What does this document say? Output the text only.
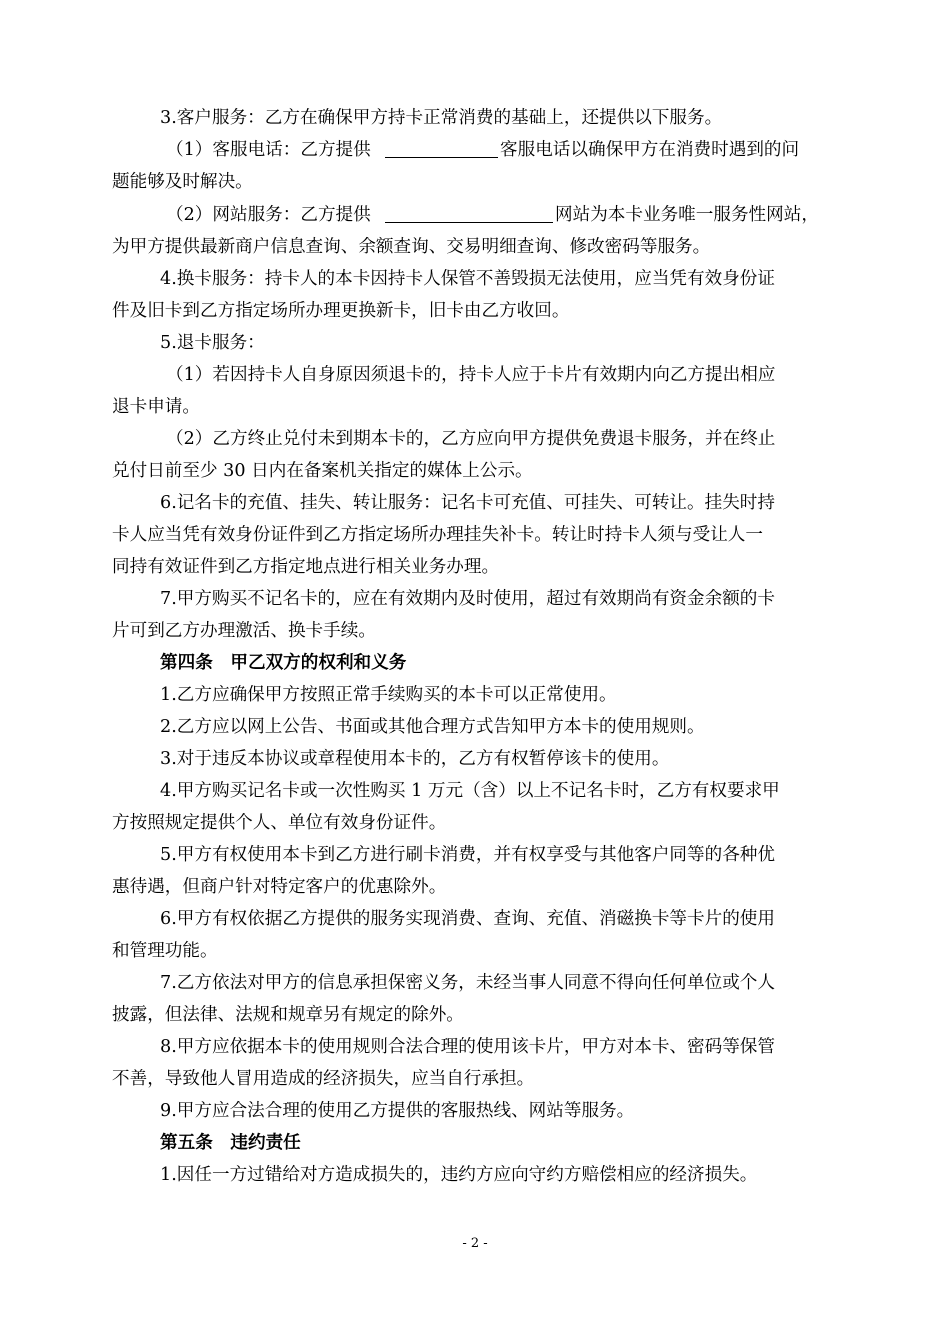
3.客户服务：乙方在确保甲方持卡正常消费的基础上，还提供以下服务。
（1）客服电话：乙方提供	客服电话以确保甲方在消费时遇到的问
题能够及时解决。
（2）网站服务：乙方提供	网站为本卡业务唯一服务性网站，
为甲方提供最新商户信息查询、余额查询、交易明细查询、修改密码等服务。
4.换卡服务：持卡人的本卡因持卡人保管不善毁损无法使用，应当凭有效身份证
件及旧卡到乙方指定场所办理更换新卡，旧卡由乙方收回。
5.退卡服务：
（1）若因持卡人自身原因须退卡的，持卡人应于卡片有效期内向乙方提出相应
退卡申请。
（2）乙方终止兑付未到期本卡的，乙方应向甲方提供免费退卡服务，并在终止
兑付日前至少 30 日内在备案机关指定的媒体上公示。
6.记名卡的充值、挂失、转让服务：记名卡可充值、可挂失、可转让。挂失时持
卡人应当凭有效身份证件到乙方指定场所办理挂失补卡。转让时持卡人须与受让人一
同持有效证件到乙方指定地点进行相关业务办理。
7.甲方购买不记名卡的，应在有效期内及时使用，超过有效期尚有资金余额的卡
片可到乙方办理激活、换卡手续。
第四条　甲乙双方的权利和义务
1.乙方应确保甲方按照正常手续购买的本卡可以正常使用。
2.乙方应以网上公告、书面或其他合理方式告知甲方本卡的使用规则。
3.对于违反本协议或章程使用本卡的，乙方有权暂停该卡的使用。
4.甲方购买记名卡或一次性购买 1 万元（含）以上不记名卡时，乙方有权要求甲
方按照规定提供个人、单位有效身份证件。
5.甲方有权使用本卡到乙方进行刷卡消费，并有权享受与其他客户同等的各种优
惠待遇，但商户针对特定客户的优惠除外。
6.甲方有权依据乙方提供的服务实现消费、查询、充值、消磁换卡等卡片的使用
和管理功能。
7.乙方依法对甲方的信息承担保密义务，未经当事人同意不得向任何单位或个人
披露，但法律、法规和规章另有规定的除外。
8.甲方应依据本卡的使用规则合法合理的使用该卡片，甲方对本卡、密码等保管
不善，导致他人冒用造成的经济损失，应当自行承担。
9.甲方应合法合理的使用乙方提供的客服热线、网站等服务。
第五条　违约责任
1.因任一方过错给对方造成损失的，违约方应向守约方赔偿相应的经济损失。
- 2 -
